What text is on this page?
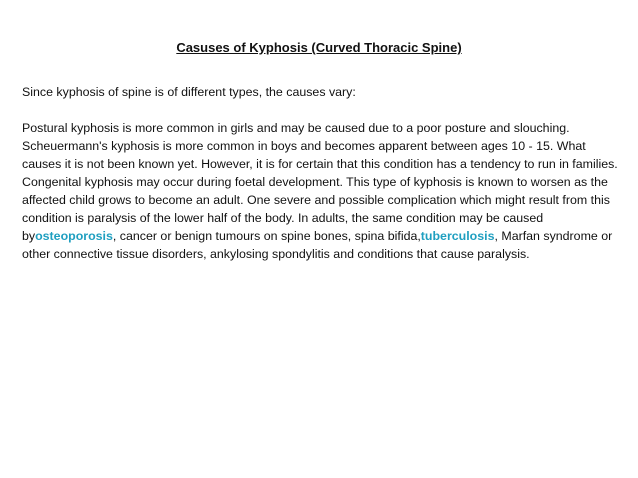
Casuses of Kyphosis (Curved Thoracic Spine)

Since kyphosis of spine is of different types, the causes vary:

Postural kyphosis is more common in girls and may be caused due to a poor posture and slouching.

Scheuermann's kyphosis is more common in boys and becomes apparent between ages 10 - 15. What causes it is not been known yet. However, it is for certain that this condition has a tendency to run in families.

Congenital kyphosis may occur during foetal development. This type of kyphosis is known to worsen as the affected child grows to become an adult. One severe and possible complication which might result from this condition is paralysis of the lower half of the body. In adults, the same condition may be caused byosteoporosis, cancer or benign tumours on spine bones, spina bifida,tuberculosis, Marfan syndrome or other connective tissue disorders, ankylosing spondylitis and conditions that cause paralysis.
